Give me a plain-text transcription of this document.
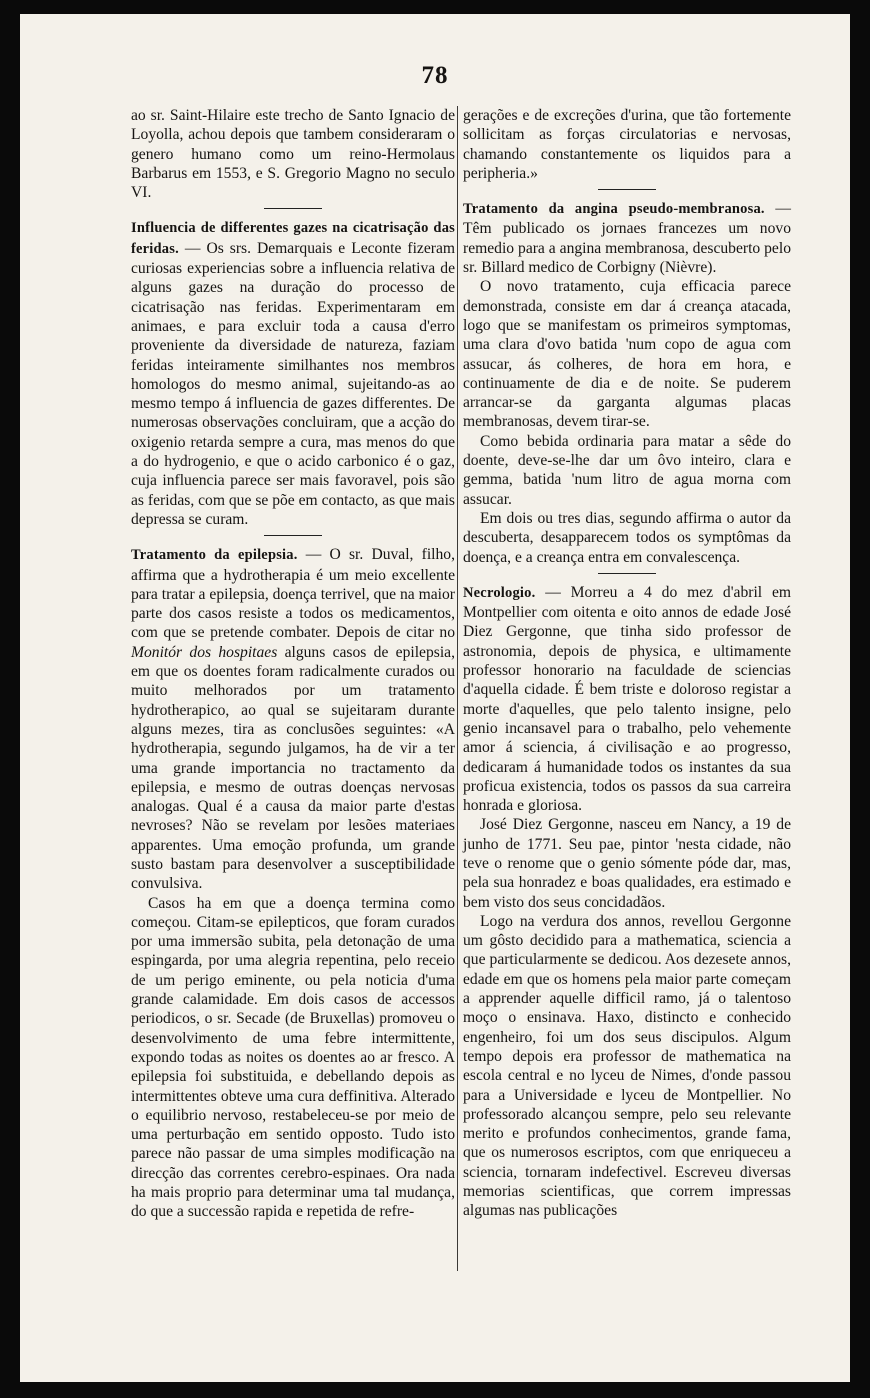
78

ao sr. Saint-Hilaire este trecho de Santo Ignacio de Loyolla, achou depois que tambem consideraram o genero humano como um reino-Hermolaus Barbarus em 1553, e S. Gregorio Magno no seculo VI.

Influencia de differentes gazes na cicatrisação das feridas. — Os srs. Demarquais e Leconte fizeram curiosas experiencias sobre a influencia relativa de alguns gazes na duração do processo de cicatrisação nas feridas. Experimentaram em animaes, e para excluir toda a causa d'erro proveniente da diversidade de natureza, faziam feridas inteiramente similhantes nos membros homologos do mesmo animal, sujeitando-as ao mesmo tempo á influencia de gazes differentes. De numerosas observações concluiram, que a acção do oxigenio retarda sempre a cura, mas menos do que a do hydrogenio, e que o acido carbonico é o gaz, cuja influencia parece ser mais favoravel, pois são as feridas, com que se põe em contacto, as que mais depressa se curam.

Tratamento da epilepsia. — O sr. Duval, filho, affirma que a hydrotherapia é um meio excellente para tratar a epilepsia, doença terrivel, que na maior parte dos casos resiste a todos os medicamentos, com que se pretende combater. Depois de citar no Monitór dos hospitaes alguns casos de epilepsia, em que os doentes foram radicalmente curados ou muito melhorados por um tratamento hydrotherapico, ao qual se sujeitaram durante alguns mezes, tira as conclusões seguintes: «A hydrotherapia, segundo julgamos, ha de vir a ter uma grande importancia no tractamento da epilepsia, e mesmo de outras doenças nervosas analogas. Qual é a causa da maior parte d'estas nevroses? Não se revelam por lesões materiaes apparentes. Uma emoção profunda, um grande susto bastam para desenvolver a susceptibilidade convulsiva.

Casos ha em que a doença termina como começou. Citam-se epilepticos, que foram curados por uma immersão subita, pela detonação de uma espingarda, por uma alegria repentina, pelo receio de um perigo eminente, ou pela noticia d'uma grande calamidade. Em dois casos de accessos periodicos, o sr. Secade (de Bruxellas) promoveu o desenvolvimento de uma febre intermittente, expondo todas as noites os doentes ao ar fresco. A epilepsia foi substituida, e debellando depois as intermittentes obteve uma cura deffinitiva. Alterado o equilibrio nervoso, restabeleceu-se por meio de uma perturbação em sentido opposto. Tudo isto parece não passar de uma simples modificação na direcção das correntes cerebro-espinaes. Ora nada ha mais proprio para determinar uma tal mudança, do que a successão rapida e repetida de refre-

gerações e de excreções d'urina, que tão fortemente sollicitam as forças circulatorias e nervosas, chamando constantemente os liquidos para a peripheria.»

Tratamento da angina pseudo-membranosa. — Têm publicado os jornaes francezes um novo remedio para a angina membranosa, descuberto pelo sr. Billard medico de Corbigny (Nièvre).

O novo tratamento, cuja efficacia parece demonstrada, consiste em dar á creança atacada, logo que se manifestam os primeiros symptomas, uma clara d'ovo batida 'num copo de agua com assucar, ás colheres, de hora em hora, e continuamente de dia e de noite. Se puderem arrancar-se da garganta algumas placas membranosas, devem tirar-se.

Como bebida ordinaria para matar a sêde do doente, deve-se-lhe dar um ôvo inteiro, clara e gemma, batida 'num litro de agua morna com assucar.

Em dois ou tres dias, segundo affirma o autor da descuberta, desapparecem todos os symptômas da doença, e a creança entra em convalescença.

Necrologio. — Morreu a 4 do mez d'abril em Montpellier com oitenta e oito annos de edade José Diez Gergonne, que tinha sido professor de astronomia, depois de physica, e ultimamente professor honorario na faculdade de sciencias d'aquella cidade. É bem triste e doloroso registar a morte d'aquelles, que pelo talento insigne, pelo genio incansavel para o trabalho, pelo vehemente amor á sciencia, á civilisação e ao progresso, dedicaram á humanidade todos os instantes da sua proficua existencia, todos os passos da sua carreira honrada e gloriosa.

José Diez Gergonne, nasceu em Nancy, a 19 de junho de 1771. Seu pae, pintor 'nesta cidade, não teve o renome que o genio sómente póde dar, mas, pela sua honradez e boas qualidades, era estimado e bem visto dos seus concidadãos.

Logo na verdura dos annos, revellou Gergonne um gôsto decidido para a mathematica, sciencia a que particularmente se dedicou. Aos dezesete annos, edade em que os homens pela maior parte começam a apprender aquelle difficil ramo, já o talentoso moço o ensinava. Haxo, distincto e conhecido engenheiro, foi um dos seus discipulos. Algum tempo depois era professor de mathematica na escola central e no lyceu de Nimes, d'onde passou para a Universidade e lyceu de Montpellier. No professorado alcançou sempre, pelo seu relevante merito e profundos conhecimentos, grande fama, que os numerosos escriptos, com que enriqueceu a sciencia, tornaram indefectivel. Escreveu diversas memorias scientificas, que correm impressas algumas nas publicações
